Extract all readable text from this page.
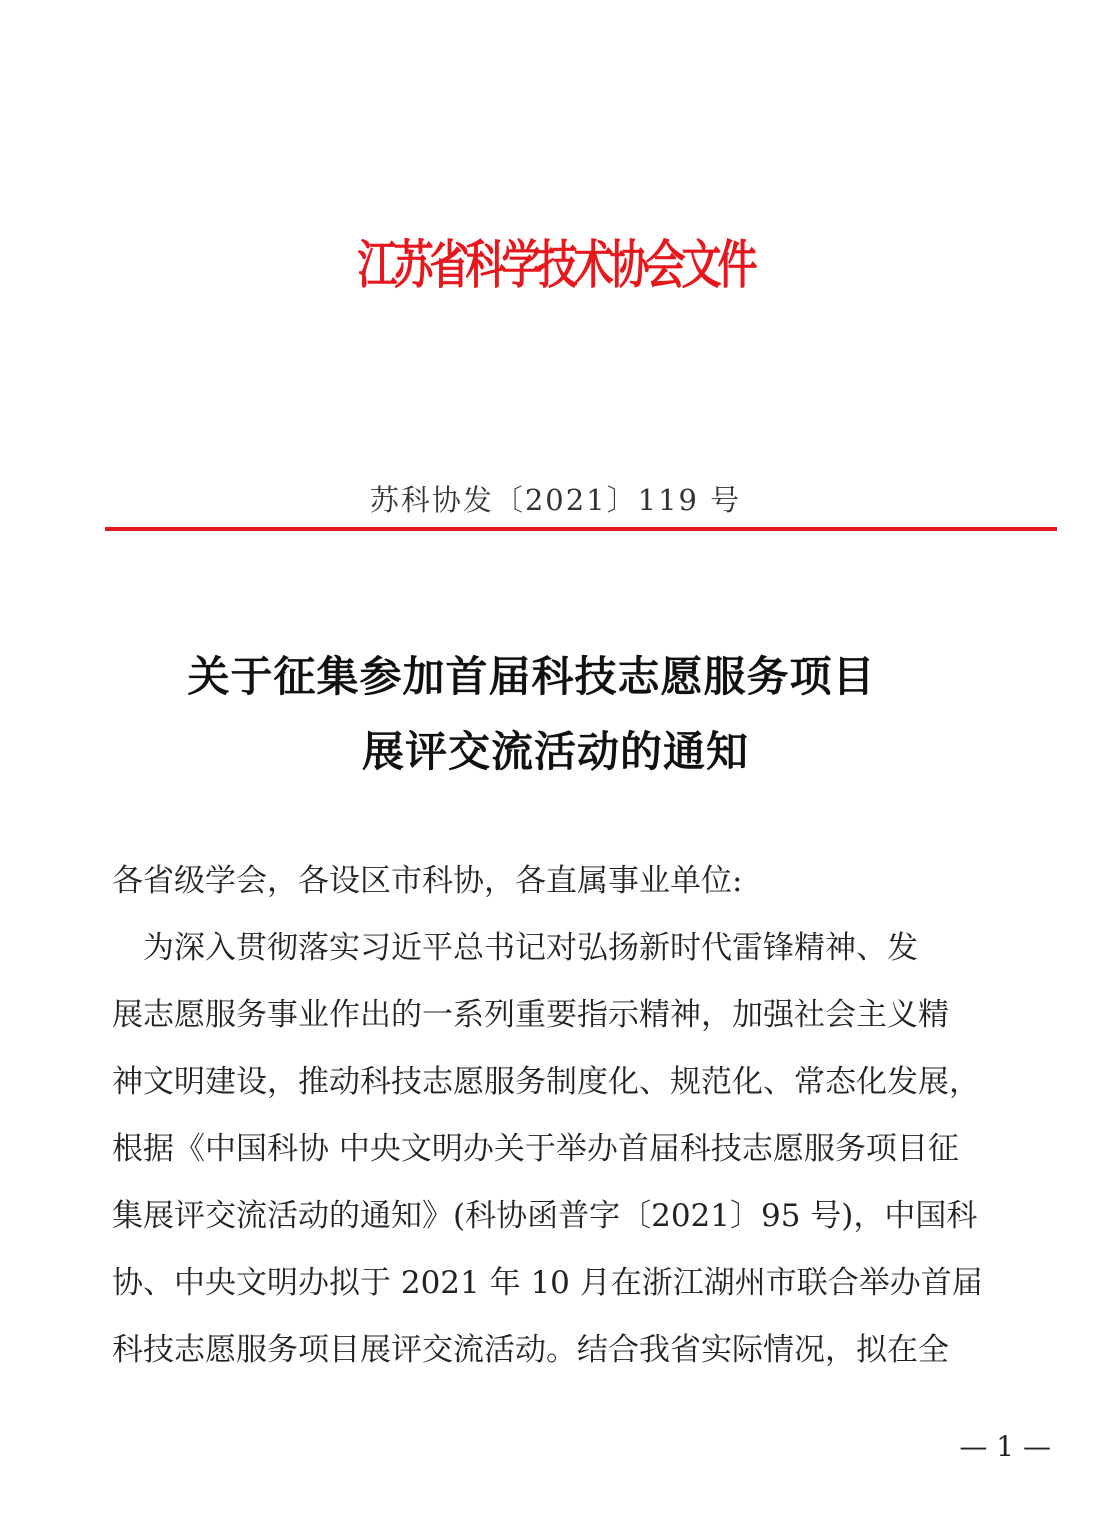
江苏省科学技术协会文件
苏科协发〔2021〕119 号
关于征集参加首届科技志愿服务项目
展评交流活动的通知
各省级学会，各设区市科协，各直属事业单位:
　为深入贯彻落实习近平总书记对弘扬新时代雷锋精神、发
展志愿服务事业作出的一系列重要指示精神，加强社会主义精
神文明建设，推动科技志愿服务制度化、规范化、常态化发展，
根据《中国科协 中央文明办关于举办首届科技志愿服务项目征
集展评交流活动的通知》(科协函普字〔2021〕95 号)，中国科
协、中央文明办拟于 2021 年 10 月在浙江湖州市联合举办首届
科技志愿服务项目展评交流活动。结合我省实际情况，拟在全
— 1 —
